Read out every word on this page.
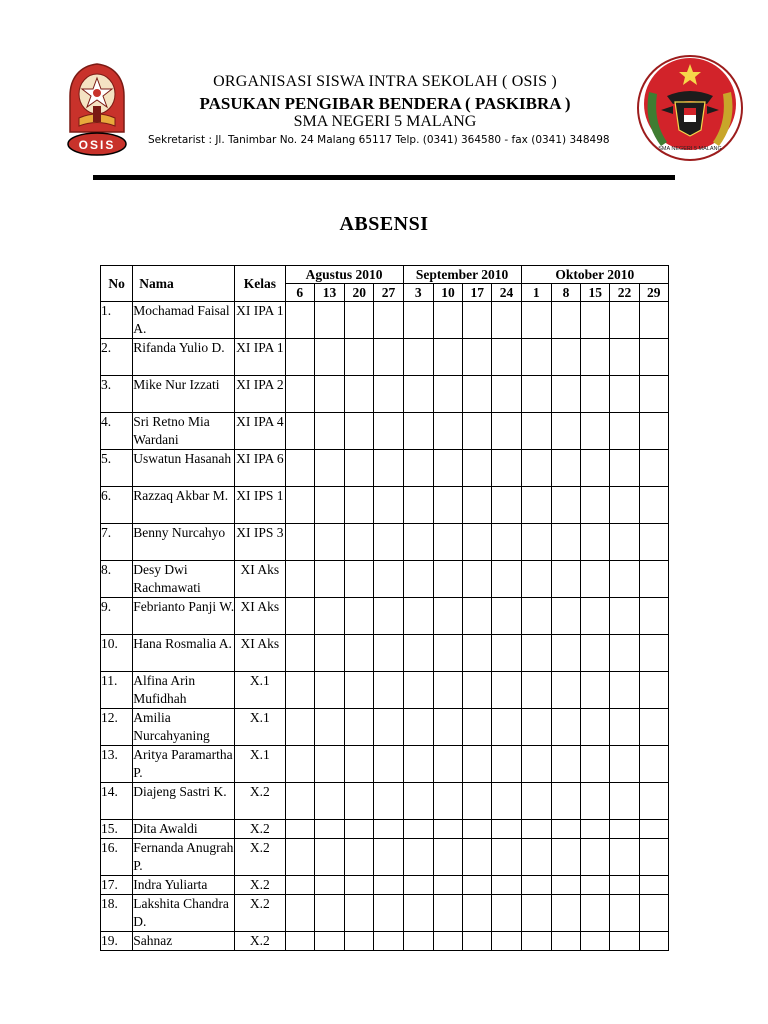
OSIS	SMA NEGERI 5 MALANG
ORGANISASI SISWA INTRA SEKOLAH ( OSIS )
PASUKAN PENGIBAR BENDERA ( PASKIBRA )
SMA NEGERI 5 MALANG
Sekretarist : Jl. Tanimbar No. 24 Malang 65117 Telp. (0341) 364580 - fax (0341) 348498
ABSENSI
No	Nama	Kelas	Agustus 2010				September 2010				Oktober 2010				
			6	13	20	27	3	10	17	24	1	8	15	22	29
1.	Mochamad Faisal A.	XI IPA 1													
2.	Rifanda Yulio D.	XI IPA 1													
3.	Mike Nur Izzati	XI IPA 2													
4.	Sri Retno Mia Wardani	XI IPA 4													
5.	Uswatun Hasanah	XI IPA 6													
6.	Razzaq Akbar M.	XI IPS 1													
7.	Benny Nurcahyo	XI IPS 3													
8.	Desy Dwi Rachmawati	XI Aks													
9.	Febrianto Panji W.	XI Aks													
10.	Hana Rosmalia A.	XI Aks													
11.	Alfina Arin Mufidhah	X.1													
12.	Amilia Nurcahyaning	X.1													
13.	Aritya Paramartha P.	X.1													
14.	Diajeng Sastri K.	X.2													
15.	Dita Awaldi	X.2													
16.	Fernanda Anugrah P.	X.2													
17.	Indra Yuliarta	X.2													
18.	Lakshita Chandra D.	X.2													
19.	Sahnaz	X.2													
